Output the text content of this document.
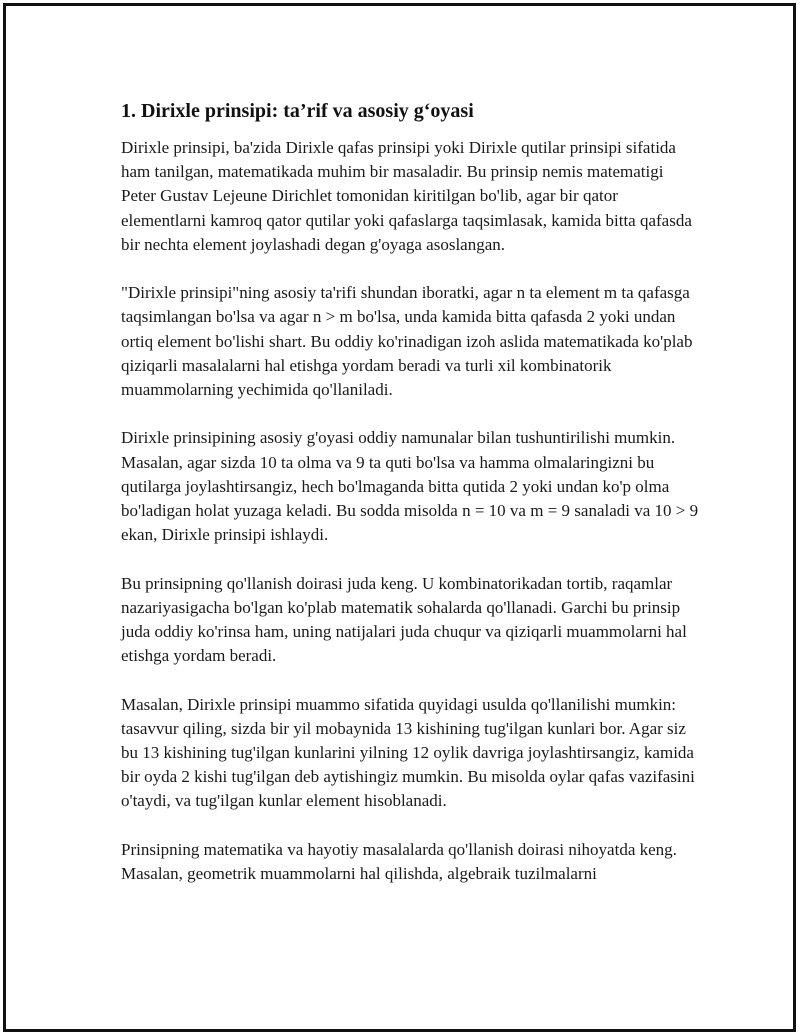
1. Dirixle prinsipi: ta’rif va asosiy g‘oyasi

Dirixle prinsipi, ba'zida Dirixle qafas prinsipi yoki Dirixle qutilar prinsipi sifatida ham tanilgan, matematikada muhim bir masaladir. Bu prinsip nemis matematigi Peter Gustav Lejeune Dirichlet tomonidan kiritilgan bo'lib, agar bir qator elementlarni kamroq qator qutilar yoki qafaslarga taqsimlasak, kamida bitta qafasda bir nechta element joylashadi degan g'oyaga asoslangan.

"Dirixle prinsipi"ning asosiy ta'rifi shundan iboratki, agar n ta element m ta qafasga taqsimlangan bo'lsa va agar n > m bo'lsa, unda kamida bitta qafasda 2 yoki undan ortiq element bo'lishi shart. Bu oddiy ko'rinadigan izoh aslida matematikada ko'plab qiziqarli masalalarni hal etishga yordam beradi va turli xil kombinatorik muammolarning yechimida qo'llaniladi.

Dirixle prinsipining asosiy g'oyasi oddiy namunalar bilan tushuntirilishi mumkin. Masalan, agar sizda 10 ta olma va 9 ta quti bo'lsa va hamma olmalaringizni bu qutilarga joylashtirsangiz, hech bo'lmaganda bitta qutida 2 yoki undan ko'p olma bo'ladigan holat yuzaga keladi. Bu sodda misolda n = 10 va m = 9 sanaladi va 10 > 9 ekan, Dirixle prinsipi ishlaydi.

Bu prinsipning qo'llanish doirasi juda keng. U kombinatorikadan tortib, raqamlar nazariyasigacha bo'lgan ko'plab matematik sohalarda qo'llanadi. Garchi bu prinsip juda oddiy ko'rinsa ham, uning natijalari juda chuqur va qiziqarli muammolarni hal etishga yordam beradi.

Masalan, Dirixle prinsipi muammo sifatida quyidagi usulda qo'llanilishi mumkin: tasavvur qiling, sizda bir yil mobaynida 13 kishining tug'ilgan kunlari bor. Agar siz bu 13 kishining tug'ilgan kunlarini yilning 12 oylik davriga joylashtirsangiz, kamida bir oyda 2 kishi tug'ilgan deb aytishingiz mumkin. Bu misolda oylar qafas vazifasini o'taydi, va tug'ilgan kunlar element hisoblanadi.

Prinsipning matematika va hayotiy masalalarda qo'llanish doirasi nihoyatda keng. Masalan, geometrik muammolarni hal qilishda, algebraik tuzilmalarni
